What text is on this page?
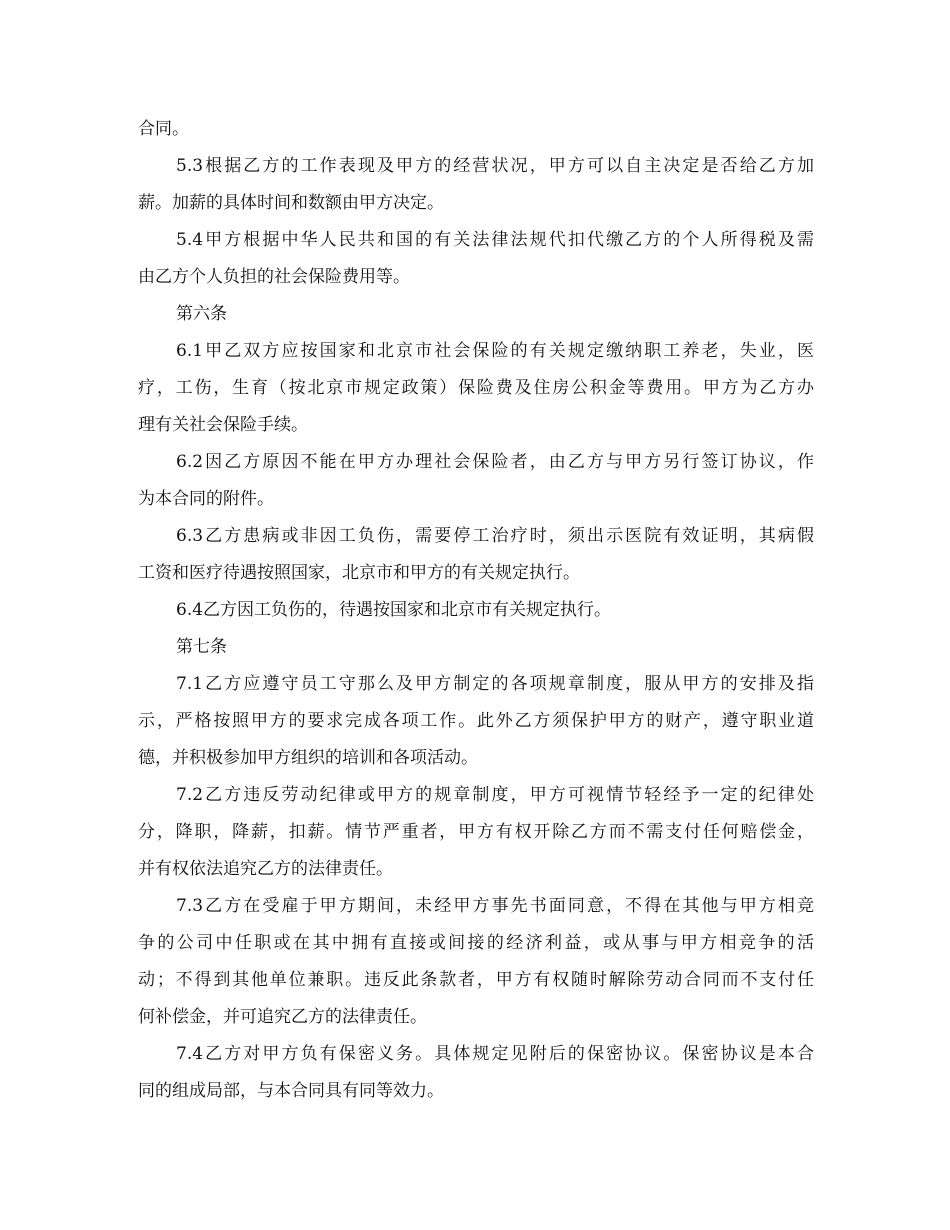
合同。
5.3根据乙方的工作表现及甲方的经营状况，甲方可以自主决定是否给乙方加
薪。加薪的具体时间和数额由甲方决定。
5.4甲方根据中华人民共和国的有关法律法规代扣代缴乙方的个人所得税及需
由乙方个人负担的社会保险费用等。
第六条
6.1甲乙双方应按国家和北京市社会保险的有关规定缴纳职工养老，失业，医
疗，工伤，生育（按北京市规定政策）保险费及住房公积金等费用。甲方为乙方办
理有关社会保险手续。
6.2因乙方原因不能在甲方办理社会保险者，由乙方与甲方另行签订协议，作
为本合同的附件。
6.3乙方患病或非因工负伤，需要停工治疗时，须出示医院有效证明，其病假
工资和医疗待遇按照国家，北京市和甲方的有关规定执行。
6.4乙方因工负伤的，待遇按国家和北京市有关规定执行。
第七条
7.1乙方应遵守员工守那么及甲方制定的各项规章制度，服从甲方的安排及指
示，严格按照甲方的要求完成各项工作。此外乙方须保护甲方的财产，遵守职业道
德，并积极参加甲方组织的培训和各项活动。
7.2乙方违反劳动纪律或甲方的规章制度，甲方可视情节轻经予一定的纪律处
分，降职，降薪，扣薪。情节严重者，甲方有权开除乙方而不需支付任何赔偿金，
并有权依法追究乙方的法律责任。
7.3乙方在受雇于甲方期间，未经甲方事先书面同意，不得在其他与甲方相竞
争的公司中任职或在其中拥有直接或间接的经济利益，或从事与甲方相竞争的活
动；不得到其他单位兼职。违反此条款者，甲方有权随时解除劳动合同而不支付任
何补偿金，并可追究乙方的法律责任。
7.4乙方对甲方负有保密义务。具体规定见附后的保密协议。保密协议是本合
同的组成局部，与本合同具有同等效力。
